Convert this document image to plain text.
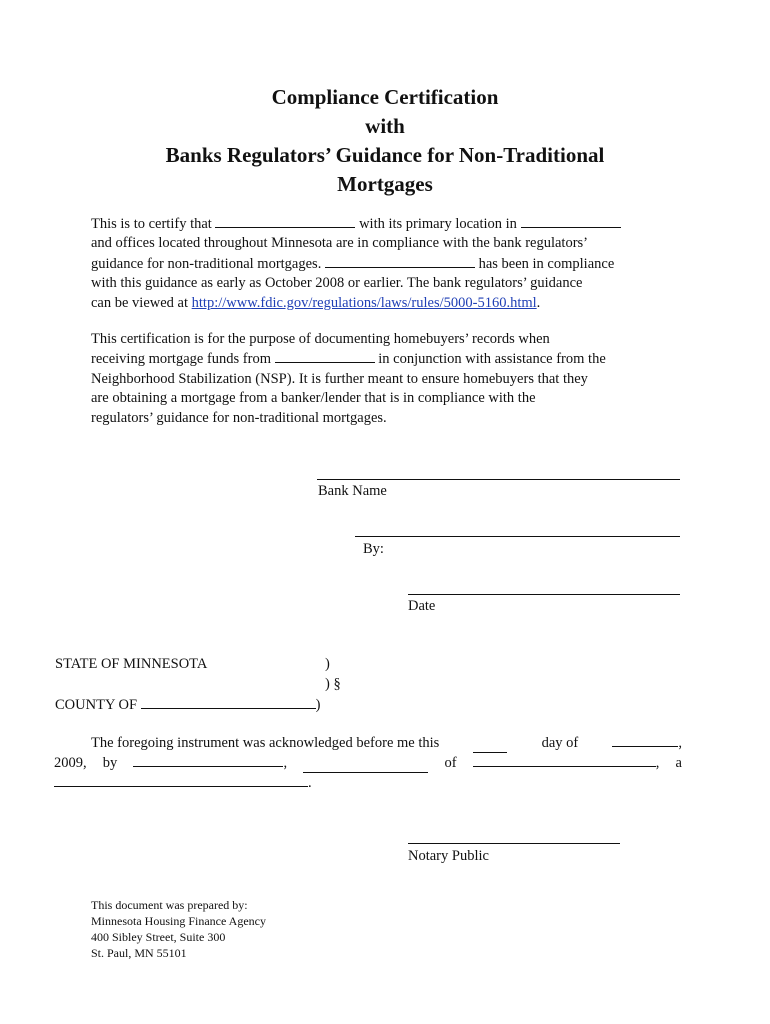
Compliance Certification
with
Banks Regulators’ Guidance for Non-Traditional
Mortgages
This is to certify that	with its primary location in
and offices located throughout Minnesota are in compliance with the bank regulators’
guidance for non-traditional mortgages.	has been in compliance
with this guidance as early as October 2008 or earlier. The bank regulators’ guidance
can be viewed at http://www.fdic.gov/regulations/laws/rules/5000-5160.html.
This certification is for the purpose of documenting homebuyers’ records when
receiving mortgage funds from	in conjunction with assistance from the
Neighborhood Stabilization (NSP). It is further meant to ensure homebuyers that they
are obtaining a mortgage from a banker/lender that is in compliance with the
regulators’ guidance for non-traditional mortgages.
Bank Name
By:
Date
STATE OF MINNESOTA	)
) §
COUNTY OF	)
The foregoing instrument was acknowledged before me this	day of	,
2009, by	,	of	, a
.
Notary Public
This document was prepared by:
Minnesota Housing Finance Agency
400 Sibley Street, Suite 300
St. Paul, MN 55101
